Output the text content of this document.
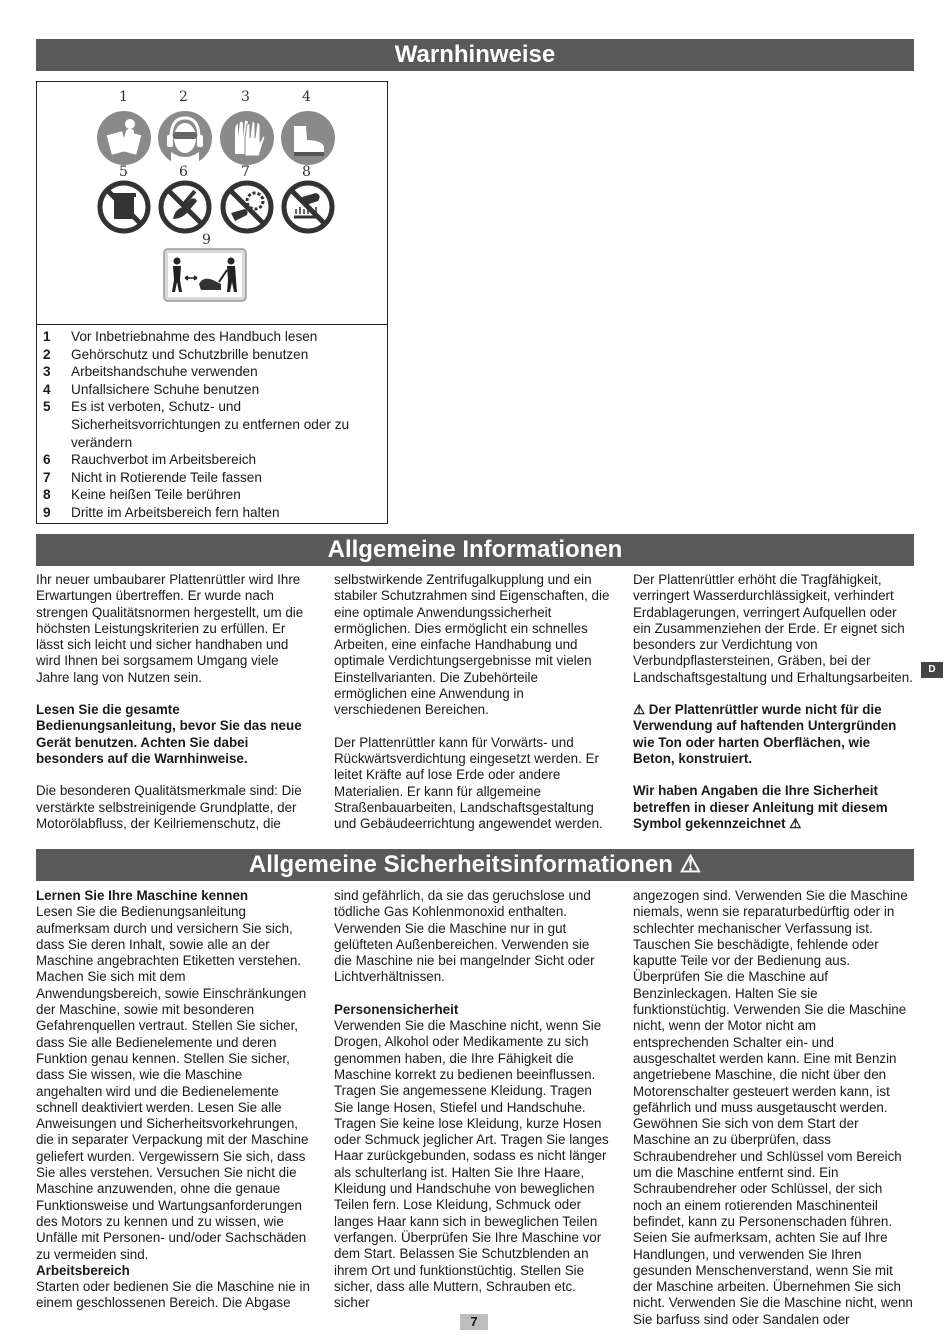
Warnhinweise
1	2	3	4
5	6	7	8
9
1	Vor Inbetriebnahme des Handbuch lesen
2	Gehörschutz und Schutzbrille benutzen
3	Arbeitshandschuhe verwenden
4	Unfallsichere Schuhe benutzen
5	Es ist verboten, Schutz- und Sicherheitsvorrichtungen zu entfernen oder zu verändern
6	Rauchverbot im Arbeitsbereich
7	Nicht in Rotierende Teile fassen
8	Keine heißen Teile berühren
9	Dritte im Arbeitsbereich fern halten
Allgemeine Informationen

Ihr neuer umbaubarer Plattenrüttler wird Ihre Erwartungen übertreffen. Er wurde nach strengen Qualitätsnormen hergestellt, um die höchsten Leistungskriterien zu erfüllen. Er lässt sich leicht und sicher handhaben und wird Ihnen bei sorgsamem Umgang viele Jahre lang von Nutzen sein.

Lesen Sie die gesamte Bedienungsanleitung, bevor Sie das neue Gerät benutzen. Achten Sie dabei besonders auf die Warnhinweise.

Die besonderen Qualitätsmerkmale sind: Die verstärkte selbstreinigende Grundplatte, der Motorölabfluss, der Keilriemenschutz, die

selbstwirkende Zentrifugalkupplung und ein stabiler Schutzrahmen sind Eigenschaften, die eine optimale Anwendungssicherheit ermöglichen. Dies ermöglicht ein schnelles Arbeiten, eine einfache Handhabung und optimale Verdichtungsergebnisse mit vielen Einstellvarianten. Die Zubehörteile ermöglichen eine Anwendung in verschiedenen Bereichen.

Der Plattenrüttler kann für Vorwärts- und Rückwärtsverdichtung eingesetzt werden. Er leitet Kräfte auf lose Erde oder andere Materialien. Er kann für allgemeine Straßenbauarbeiten, Landschaftsgestaltung und Gebäudeerrichtung angewendet werden.

Der Plattenrüttler erhöht die Tragfähigkeit, verringert Wasserdurchlässigkeit, verhindert Erdablagerungen, verringert Aufquellen oder ein Zusammenziehen der Erde. Er eignet sich besonders zur Verdichtung von Verbundpflastersteinen, Gräben, bei der Landschaftsgestaltung und Erhaltungsarbeiten.

⚠ Der Plattenrüttler wurde nicht für die Verwendung auf haftenden Untergründen wie Ton oder harten Oberflächen, wie Beton, konstruiert.

Wir haben Angaben die Ihre Sicherheit betreffen in dieser Anleitung mit diesem Symbol gekennzeichnet ⚠

D
Allgemeine Sicherheitsinformationen ⚠

Lernen Sie Ihre Maschine kennen

Lesen Sie die Bedienungsanleitung aufmerksam durch und versichern Sie sich, dass Sie deren Inhalt, sowie alle an der Maschine angebrachten Etiketten verstehen. Machen Sie sich mit dem Anwendungsbereich, sowie Einschränkungen der Maschine, sowie mit besonderen Gefahrenquellen vertraut. Stellen Sie sicher, dass Sie alle Bedienelemente und deren Funktion genau kennen. Stellen Sie sicher, dass Sie wissen, wie die Maschine angehalten wird und die Bedienelemente schnell deaktiviert werden. Lesen Sie alle Anweisungen und Sicherheitsvorkehrungen, die in separater Verpackung mit der Maschine geliefert wurden. Vergewissern Sie sich, dass Sie alles verstehen. Versuchen Sie nicht die Maschine anzuwenden, ohne die genaue Funktionsweise und Wartungsanforderungen des Motors zu kennen und zu wissen, wie Unfälle mit Personen- und/oder Sachschäden zu vermeiden sind.

Arbeitsbereich

Starten oder bedienen Sie die Maschine nie in einem geschlossenen Bereich. Die Abgase

sind gefährlich, da sie das geruchslose und tödliche Gas Kohlenmonoxid enthalten. Verwenden Sie die Maschine nur in gut gelüfteten Außenbereichen. Verwenden sie die Maschine nie bei mangelnder Sicht oder Lichtverhältnissen.

Personensicherheit

Verwenden Sie die Maschine nicht, wenn Sie Drogen, Alkohol oder Medikamente zu sich genommen haben, die Ihre Fähigkeit die Maschine korrekt zu bedienen beeinflussen. Tragen Sie angemessene Kleidung. Tragen Sie lange Hosen, Stiefel und Handschuhe. Tragen Sie keine lose Kleidung, kurze Hosen oder Schmuck jeglicher Art. Tragen Sie langes Haar zurückgebunden, sodass es nicht länger als schulterlang ist. Halten Sie Ihre Haare, Kleidung und Handschuhe von beweglichen Teilen fern. Lose Kleidung, Schmuck oder langes Haar kann sich in beweglichen Teilen verfangen. Überprüfen Sie Ihre Maschine vor dem Start. Belassen Sie Schutzblenden an ihrem Ort und funktionstüchtig. Stellen Sie sicher, dass alle Muttern, Schrauben etc. sicher

angezogen sind. Verwenden Sie die Maschine niemals, wenn sie reparaturbedürftig oder in schlechter mechanischer Verfassung ist. Tauschen Sie beschädigte, fehlende oder kaputte Teile vor der Bedienung aus. Überprüfen Sie die Maschine auf Benzinleckagen. Halten Sie sie funktionstüchtig. Verwenden Sie die Maschine nicht, wenn der Motor nicht am entsprechenden Schalter ein- und ausgeschaltet werden kann. Eine mit Benzin angetriebene Maschine, die nicht über den Motorenschalter gesteuert werden kann, ist gefährlich und muss ausgetauscht werden. Gewöhnen Sie sich von dem Start der Maschine an zu überprüfen, dass Schraubendreher und Schlüssel vom Bereich um die Maschine entfernt sind. Ein Schraubendreher oder Schlüssel, der sich noch an einem rotierenden Maschinenteil befindet, kann zu Personenschaden führen. Seien Sie aufmerksam, achten Sie auf Ihre Handlungen, und verwenden Sie Ihren gesunden Menschenverstand, wenn Sie mit der Maschine arbeiten. Übernehmen Sie sich nicht. Verwenden Sie die Maschine nicht, wenn Sie barfuss sind oder Sandalen oder

7
